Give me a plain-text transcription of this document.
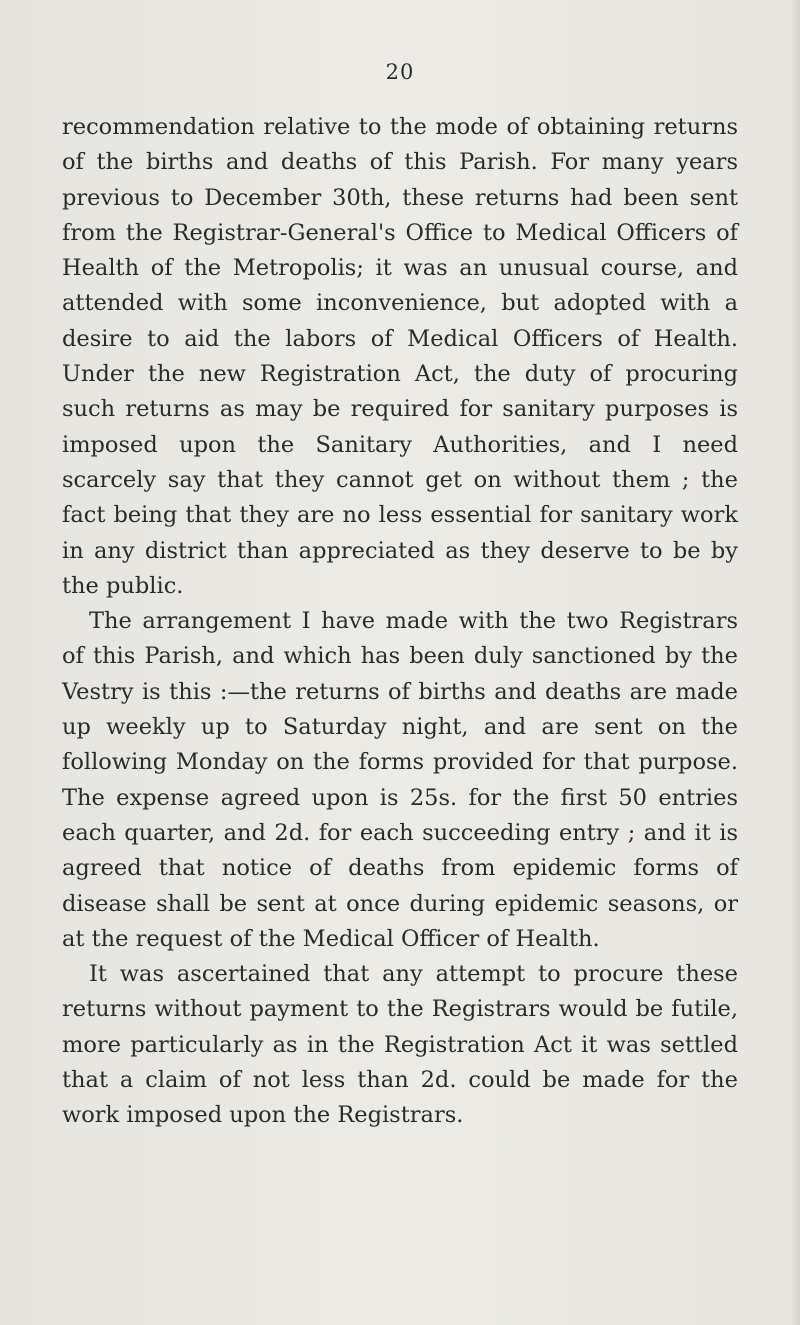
20

recommendation relative to the mode of obtaining returns of the births and deaths of this Parish. For many years previous to December 30th, these returns had been sent from the Registrar-General's Office to Medical Officers of Health of the Metropolis; it was an unusual course, and attended with some inconvenience, but adopted with a desire to aid the labors of Medical Officers of Health. Under the new Registration Act, the duty of procuring such returns as may be required for sanitary purposes is imposed upon the Sanitary Authorities, and I need scarcely say that they cannot get on without them ; the fact being that they are no less essential for sanitary work in any district than appreciated as they deserve to be by the public.

The arrangement I have made with the two Registrars of this Parish, and which has been duly sanctioned by the Vestry is this :—the returns of births and deaths are made up weekly up to Saturday night, and are sent on the following Monday on the forms provided for that purpose. The expense agreed upon is 25s. for the first 50 entries each quarter, and 2d. for each succeeding entry ; and it is agreed that notice of deaths from epidemic forms of disease shall be sent at once during epidemic seasons, or at the request of the Medical Officer of Health.

It was ascertained that any attempt to procure these returns without payment to the Registrars would be futile, more particularly as in the Registration Act it was settled that a claim of not less than 2d. could be made for the work imposed upon the Registrars.
